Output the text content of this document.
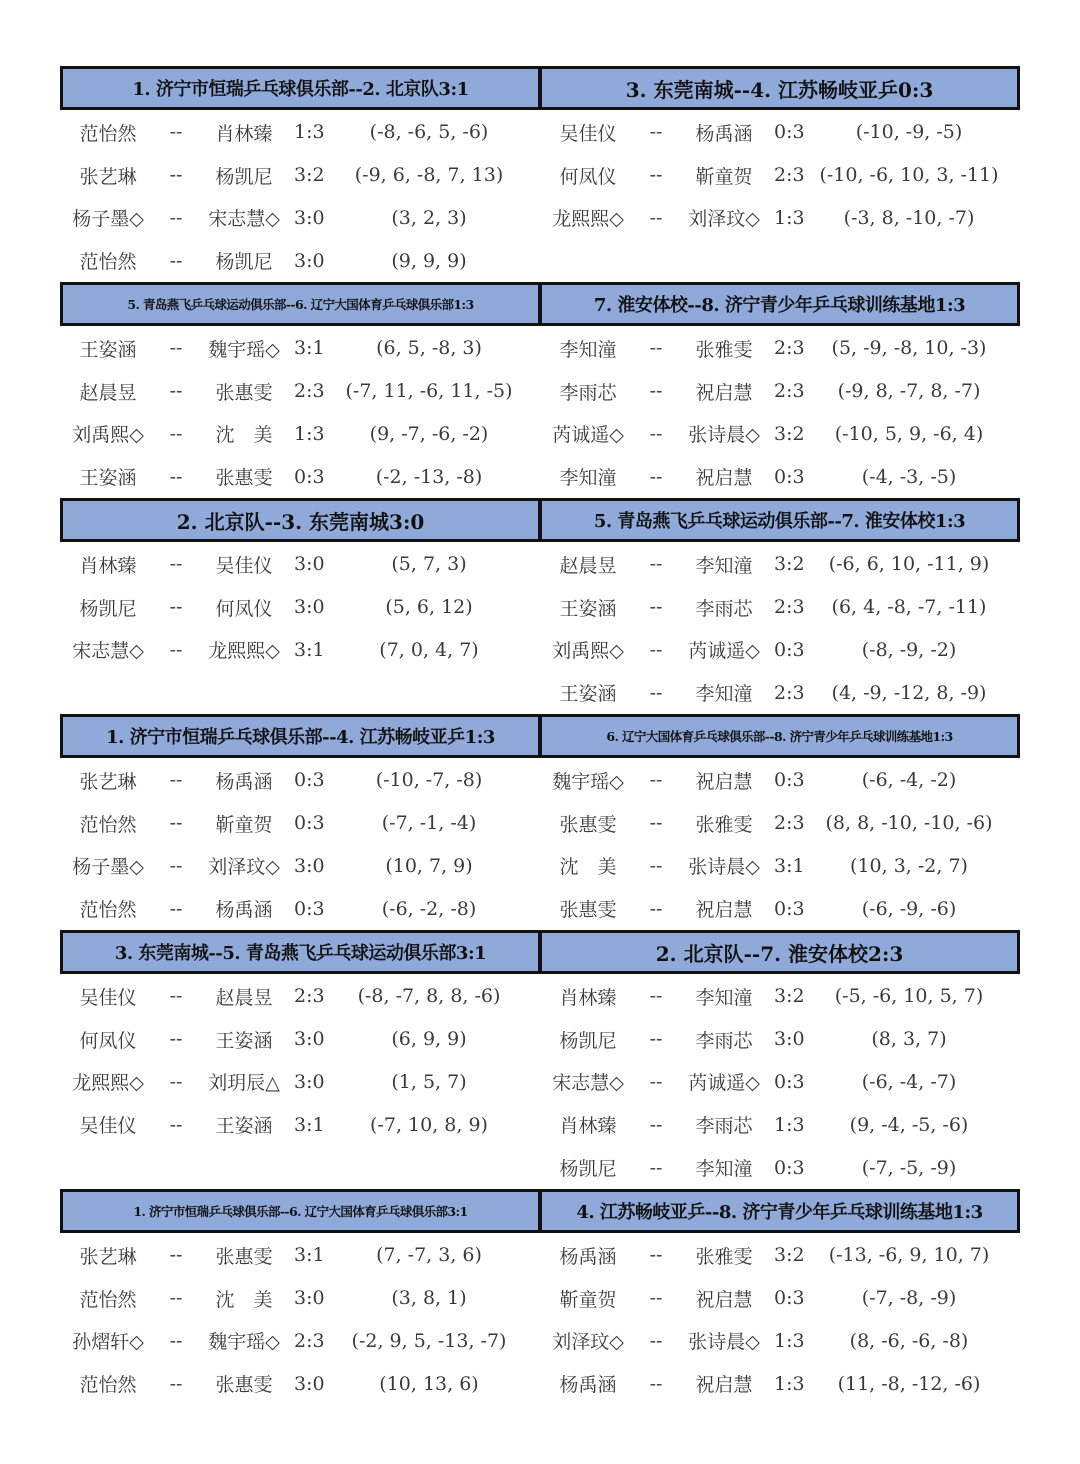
1. 济宁市恒瑞乒乓球俱乐部--2. 北京队3:1
范怡然	--	肖林臻	1:3	(-8, -6, 5, -6)
张艺琳	--	杨凯尼	3:2	(-9, 6, -8, 7, 13)
杨子墨◇	--	宋志慧◇ 3:0	(3, 2, 3)
范怡然	--	杨凯尼	3:0	(9, 9, 9)
3. 东莞南城--4. 江苏畅岐亚乒0:3
吴佳仪	--	杨禹涵	0:3	(-10, -9, -5)
何凤仪	--	靳童贺	2:3 (-10, -6, 10, 3, -11)
龙熙熙◇	--	刘泽玟◇ 1:3	(-3, 8, -10, -7)
5. 青岛燕飞乒乓球运动俱乐部--6. 辽宁大国体育乒乓球俱乐部1:3
王姿涵	--	魏宇瑶◇ 3:1	(6, 5, -8, 3)
赵晨昱	--	张惠雯	2:3	(-7, 11, -6, 11, -5)
刘禹熙◇	--	沈　美	1:3	(9, -7, -6, -2)
王姿涵	--	张惠雯	0:3	(-2, -13, -8)
7. 淮安体校--8. 济宁青少年乒乓球训练基地1:3
李知潼	--	张雅雯	2:3	(5, -9, -8, 10, -3)
李雨芯	--	祝启慧	2:3	(-9, 8, -7, 8, -7)
芮诚遥◇	--	张诗晨◇ 3:2	(-10, 5, 9, -6, 4)
李知潼	--	祝启慧	0:3	(-4, -3, -5)
2. 北京队--3. 东莞南城3:0
肖林臻	--	吴佳仪	3:0	(5, 7, 3)
杨凯尼	--	何凤仪	3:0	(5, 6, 12)
宋志慧◇	--	龙熙熙◇ 3:1	(7, 0, 4, 7)
5. 青岛燕飞乒乓球运动俱乐部--7. 淮安体校1:3
赵晨昱	--	李知潼	3:2	(-6, 6, 10, -11, 9)
王姿涵	--	李雨芯	2:3	(6, 4, -8, -7, -11)
刘禹熙◇	--	芮诚遥◇ 0:3	(-8, -9, -2)
王姿涵	--	李知潼	2:3	(4, -9, -12, 8, -9)
1. 济宁市恒瑞乒乓球俱乐部--4. 江苏畅岐亚乒1:3
张艺琳	--	杨禹涵	0:3	(-10, -7, -8)
范怡然	--	靳童贺	0:3	(-7, -1, -4)
杨子墨◇	--	刘泽玟◇ 3:0	(10, 7, 9)
范怡然	--	杨禹涵	0:3	(-6, -2, -8)
6. 辽宁大国体育乒乓球俱乐部--8. 济宁青少年乒乓球训练基地1:3
魏宇瑶◇	--	祝启慧	0:3	(-6, -4, -2)
张惠雯	--	张雅雯	2:3	(8, 8, -10, -10, -6)
沈　美	--	张诗晨◇ 3:1	(10, 3, -2, 7)
张惠雯	--	祝启慧	0:3	(-6, -9, -6)
3. 东莞南城--5. 青岛燕飞乒乓球运动俱乐部3:1
吴佳仪	--	赵晨昱	2:3	(-8, -7, 8, 8, -6)
何凤仪	--	王姿涵	3:0	(6, 9, 9)
龙熙熙◇	--	刘玥辰△ 3:0	(1, 5, 7)
吴佳仪	--	王姿涵	3:1	(-7, 10, 8, 9)
2. 北京队--7. 淮安体校2:3
肖林臻	--	李知潼	3:2	(-5, -6, 10, 5, 7)
杨凯尼	--	李雨芯	3:0	(8, 3, 7)
宋志慧◇	--	芮诚遥◇ 0:3	(-6, -4, -7)
肖林臻	--	李雨芯	1:3	(9, -4, -5, -6)
杨凯尼	--	李知潼	0:3	(-7, -5, -9)
1. 济宁市恒瑞乒乓球俱乐部--6. 辽宁大国体育乒乓球俱乐部3:1
张艺琳	--	张惠雯	3:1	(7, -7, 3, 6)
范怡然	--	沈　美	3:0	(3, 8, 1)
孙熠轩◇	--	魏宇瑶◇ 2:3	(-2, 9, 5, -13, -7)
范怡然	--	张惠雯	3:0	(10, 13, 6)
4. 江苏畅岐亚乒--8. 济宁青少年乒乓球训练基地1:3
杨禹涵	--	张雅雯	3:2	(-13, -6, 9, 10, 7)
靳童贺	--	祝启慧	0:3	(-7, -8, -9)
刘泽玟◇	--	张诗晨◇ 1:3	(8, -6, -6, -8)
杨禹涵	--	祝启慧	1:3	(11, -8, -12, -6)
